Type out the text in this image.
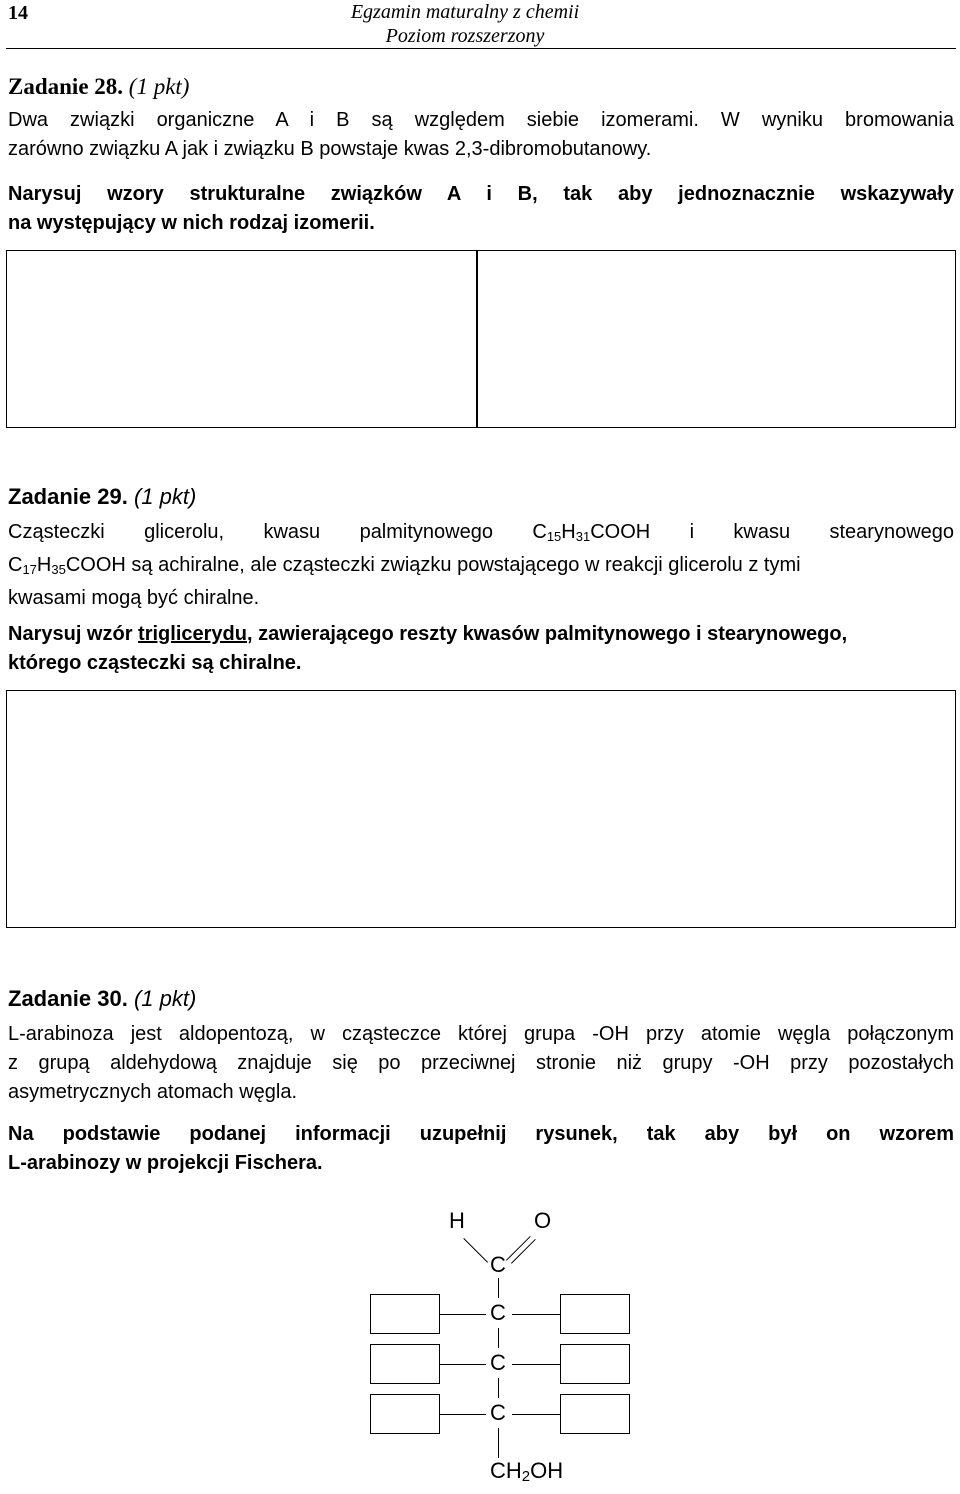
14	Egzamin maturalny z chemii
Poziom rozszerzony
Zadanie 28. (1 pkt)
Dwa związki organiczne A i B są względem siebie izomerami. W wyniku bromowania
zarówno związku A jak i związku B powstaje kwas 2,3-dibromobutanowy.
Narysuj wzory strukturalne związków A i B, tak aby jednoznacznie wskazywały
na występujący w nich rodzaj izomerii.
Zadanie 29. (1 pkt)
Cząsteczki glicerolu, kwasu palmitynowego $C_{15}H_{31}COOH$ i kwasu stearynowego
$C_{17}H_{35}COOH$ są achiralne, ale cząsteczki związku powstającego w reakcji glicerolu z tymi
kwasami mogą być chiralne.
Narysuj wzór triglicerydu, zawierającego reszty kwasów palmitynowego i stearynowego,
którego cząsteczki są chiralne.
Zadanie 30. (1 pkt)
L-arabinoza jest aldopentozą, w cząsteczce której grupa -OH przy atomie węgla połączonym
z grupą aldehydową znajduje się po przeciwnej stronie niż grupy -OH przy pozostałych
asymetrycznych atomach węgla.
Na podstawie podanej informacji uzupełnij rysunek, tak aby był on wzorem
L-arabinozy w projekcji Fischera.
H	O
C
C
C
C
$CH_2OH$
